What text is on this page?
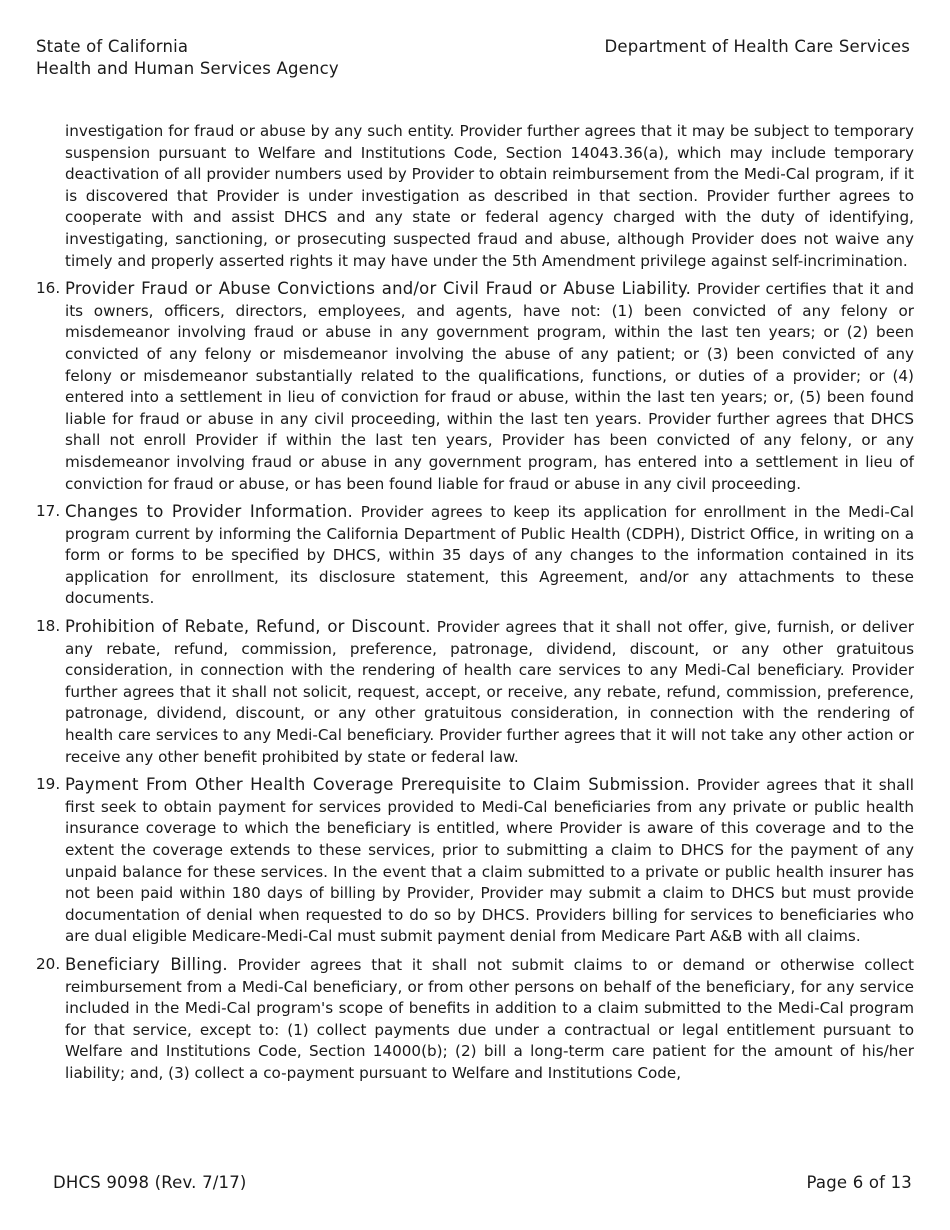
State of California
Health and Human Services Agency
Department of Health Care Services
investigation for fraud or abuse by any such entity. Provider further agrees that it may be subject to temporary suspension pursuant to Welfare and Institutions Code, Section 14043.36(a), which may include temporary deactivation of all provider numbers used by Provider to obtain reimbursement from the Medi-Cal program, if it is discovered that Provider is under investigation as described in that section. Provider further agrees to cooperate with and assist DHCS and any state or federal agency charged with the duty of identifying, investigating, sanctioning, or prosecuting suspected fraud and abuse, although Provider does not waive any timely and properly asserted rights it may have under the 5th Amendment privilege against self-incrimination.
16. Provider Fraud or Abuse Convictions and/or Civil Fraud or Abuse Liability. Provider certifies that it and its owners, officers, directors, employees, and agents, have not: (1) been convicted of any felony or misdemeanor involving fraud or abuse in any government program, within the last ten years; or (2) been convicted of any felony or misdemeanor involving the abuse of any patient; or (3) been convicted of any felony or misdemeanor substantially related to the qualifications, functions, or duties of a provider; or (4) entered into a settlement in lieu of conviction for fraud or abuse, within the last ten years; or, (5) been found liable for fraud or abuse in any civil proceeding, within the last ten years. Provider further agrees that DHCS shall not enroll Provider if within the last ten years, Provider has been convicted of any felony, or any misdemeanor involving fraud or abuse in any government program, has entered into a settlement in lieu of conviction for fraud or abuse, or has been found liable for fraud or abuse in any civil proceeding.
17. Changes to Provider Information. Provider agrees to keep its application for enrollment in the Medi-Cal program current by informing the California Department of Public Health (CDPH), District Office, in writing on a form or forms to be specified by DHCS, within 35 days of any changes to the information contained in its application for enrollment, its disclosure statement, this Agreement, and/or any attachments to these documents.
18. Prohibition of Rebate, Refund, or Discount. Provider agrees that it shall not offer, give, furnish, or deliver any rebate, refund, commission, preference, patronage, dividend, discount, or any other gratuitous consideration, in connection with the rendering of health care services to any Medi-Cal beneficiary. Provider further agrees that it shall not solicit, request, accept, or receive, any rebate, refund, commission, preference, patronage, dividend, discount, or any other gratuitous consideration, in connection with the rendering of health care services to any Medi-Cal beneficiary. Provider further agrees that it will not take any other action or receive any other benefit prohibited by state or federal law.
19. Payment From Other Health Coverage Prerequisite to Claim Submission. Provider agrees that it shall first seek to obtain payment for services provided to Medi-Cal beneficiaries from any private or public health insurance coverage to which the beneficiary is entitled, where Provider is aware of this coverage and to the extent the coverage extends to these services, prior to submitting a claim to DHCS for the payment of any unpaid balance for these services. In the event that a claim submitted to a private or public health insurer has not been paid within 180 days of billing by Provider, Provider may submit a claim to DHCS but must provide documentation of denial when requested to do so by DHCS. Providers billing for services to beneficiaries who are dual eligible Medicare-Medi-Cal must submit payment denial from Medicare Part A&B with all claims.
20. Beneficiary Billing. Provider agrees that it shall not submit claims to or demand or otherwise collect reimbursement from a Medi-Cal beneficiary, or from other persons on behalf of the beneficiary, for any service included in the Medi-Cal program's scope of benefits in addition to a claim submitted to the Medi-Cal program for that service, except to: (1) collect payments due under a contractual or legal entitlement pursuant to Welfare and Institutions Code, Section 14000(b); (2) bill a long-term care patient for the amount of his/her liability; and, (3) collect a co-payment pursuant to Welfare and Institutions Code,
DHCS 9098 (Rev. 7/17)	Page 6 of 13
